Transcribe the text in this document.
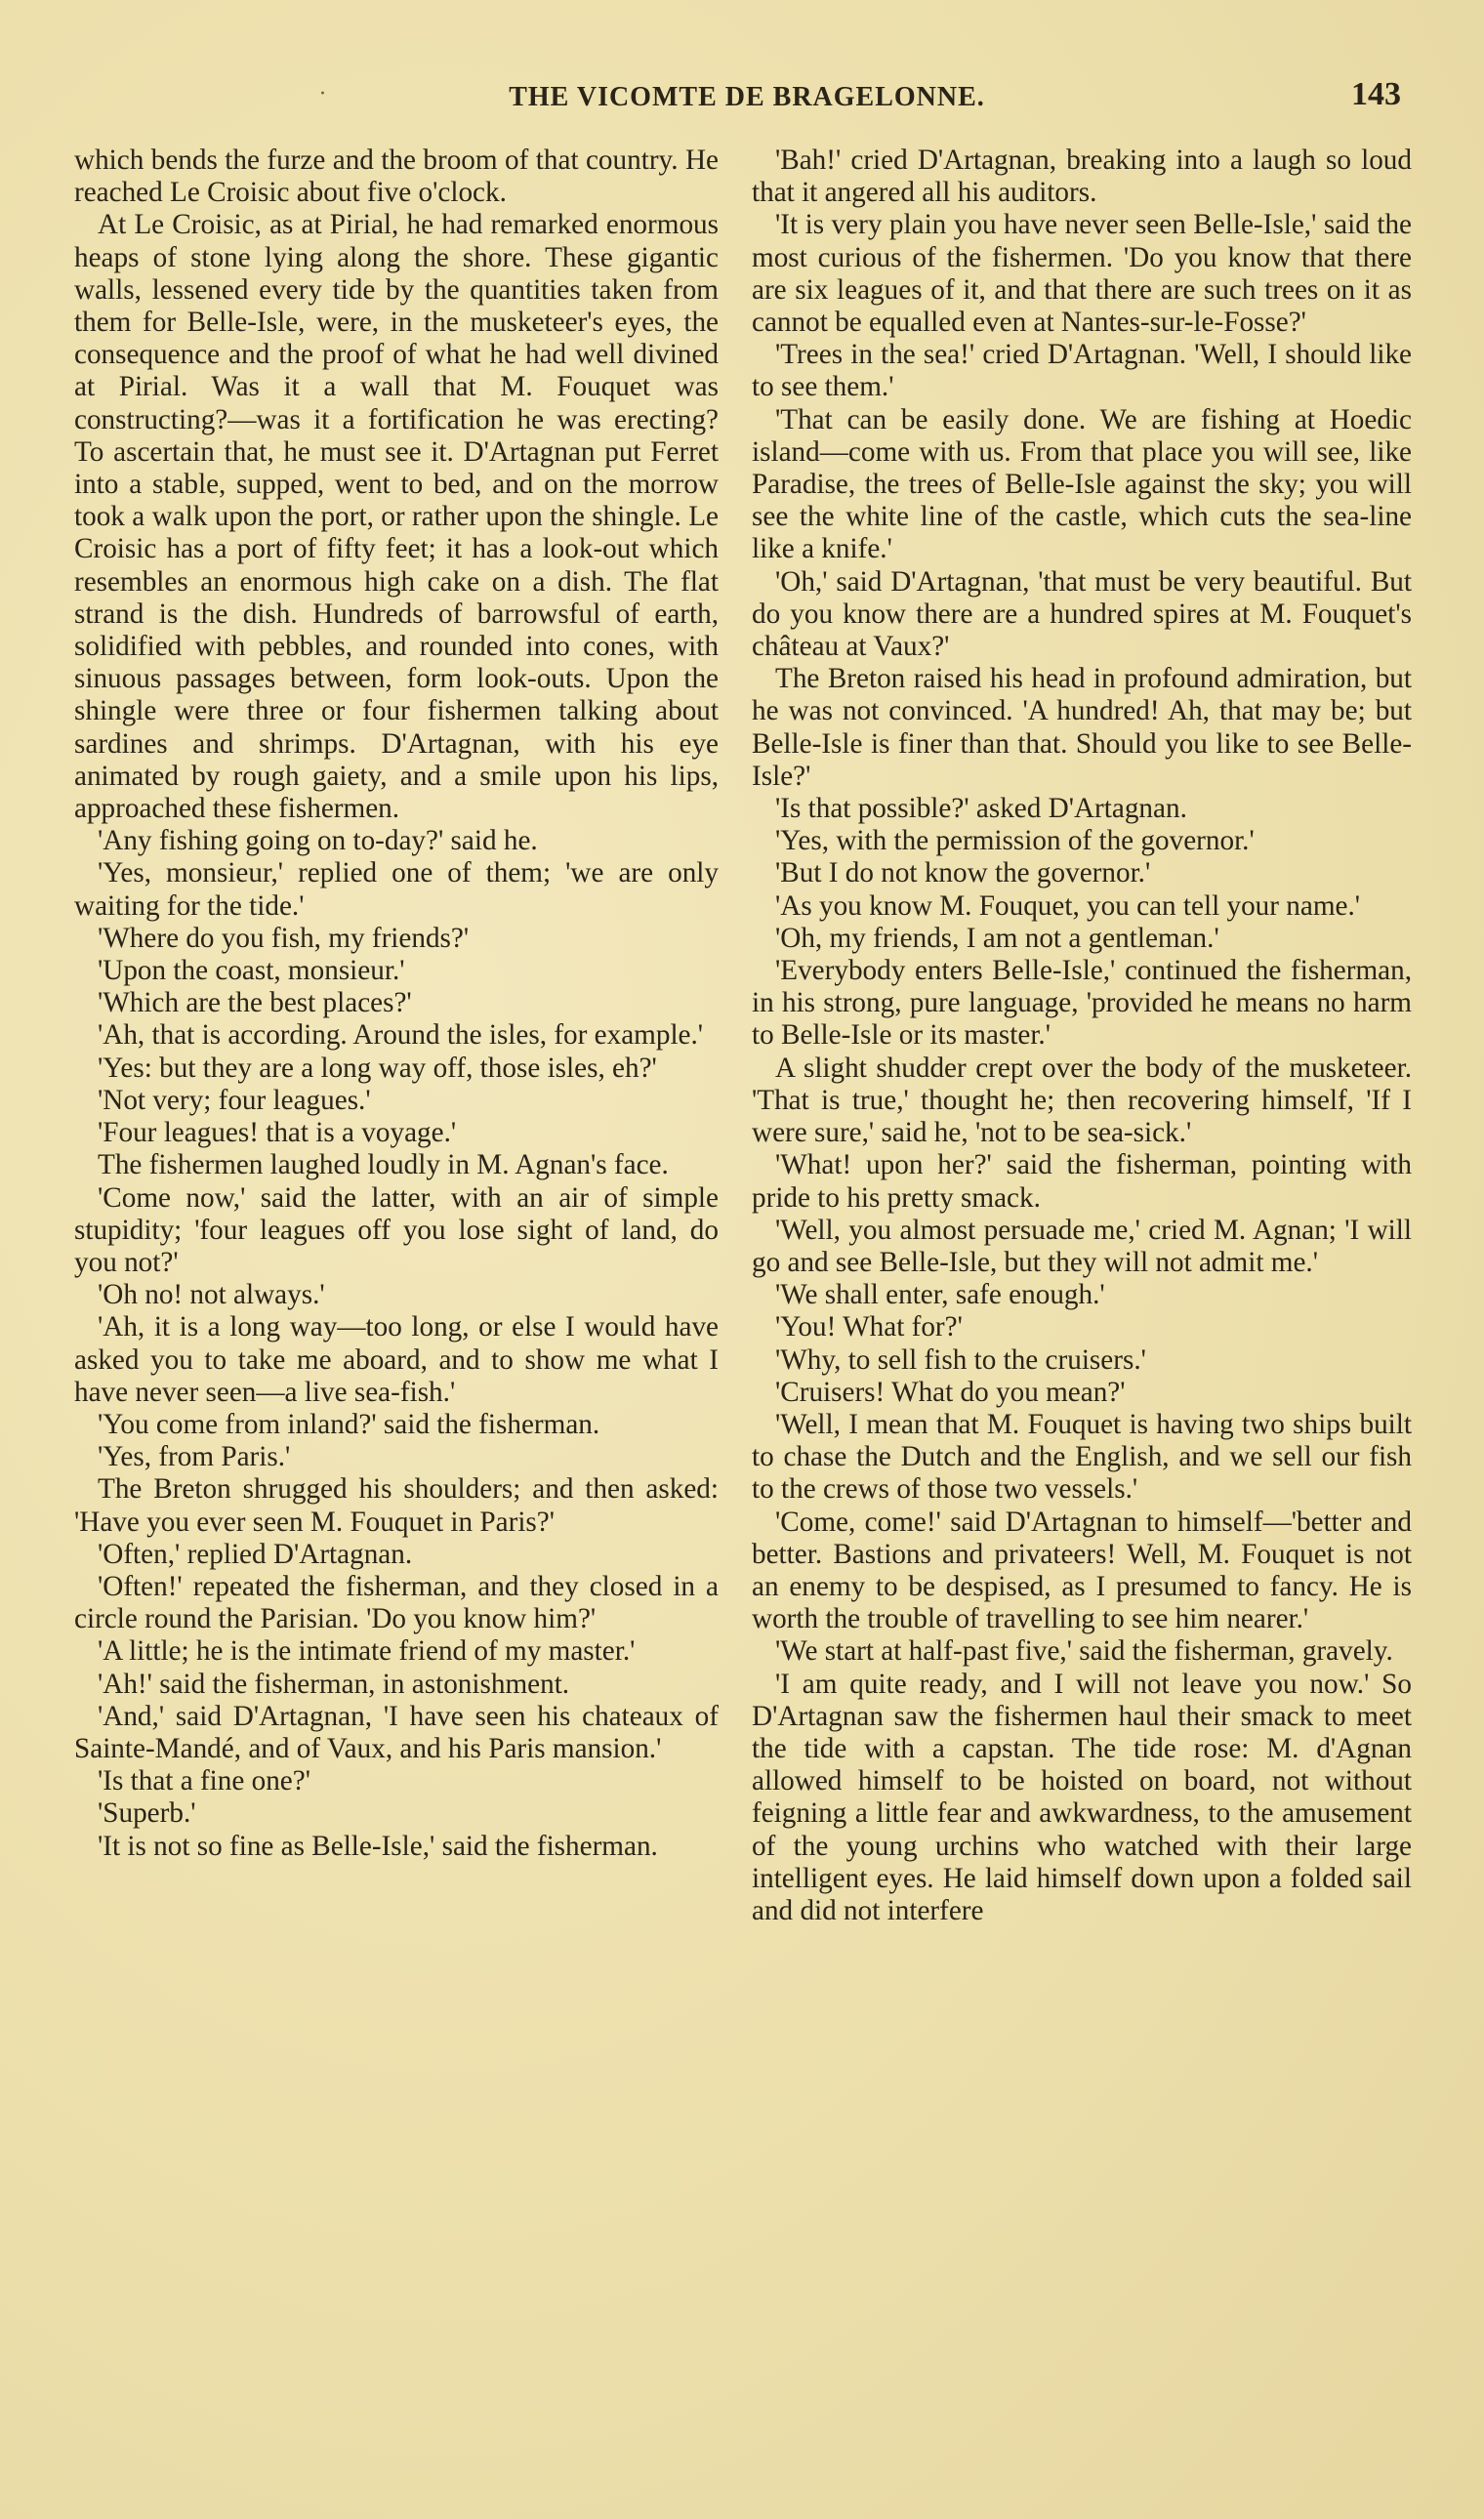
·	THE VICOMTE DE BRAGELONNE.	143

which bends the furze and the broom of that country. He reached Le Croisic about five o'clock.

At Le Croisic, as at Pirial, he had remarked enormous heaps of stone lying along the shore. These gigantic walls, lessened every tide by the quantities taken from them for Belle-Isle, were, in the musketeer's eyes, the consequence and the proof of what he had well divined at Pirial. Was it a wall that M. Fouquet was constructing?—was it a fortification he was erecting? To ascertain that, he must see it. D'Artagnan put Ferret into a stable, supped, went to bed, and on the morrow took a walk upon the port, or rather upon the shingle. Le Croisic has a port of fifty feet; it has a look-out which resembles an enormous high cake on a dish. The flat strand is the dish. Hundreds of barrowsful of earth, solidified with pebbles, and rounded into cones, with sinuous passages between, form look-outs. Upon the shingle were three or four fishermen talking about sardines and shrimps. D'Artagnan, with his eye animated by rough gaiety, and a smile upon his lips, approached these fishermen.

'Any fishing going on to-day?' said he.

'Yes, monsieur,' replied one of them; 'we are only waiting for the tide.'

'Where do you fish, my friends?'

'Upon the coast, monsieur.'

'Which are the best places?'

'Ah, that is according. Around the isles, for example.'

'Yes: but they are a long way off, those isles, eh?'

'Not very; four leagues.'

'Four leagues! that is a voyage.'

The fishermen laughed loudly in M. Agnan's face.

'Come now,' said the latter, with an air of simple stupidity; 'four leagues off you lose sight of land, do you not?'

'Oh no! not always.'

'Ah, it is a long way—too long, or else I would have asked you to take me aboard, and to show me what I have never seen—a live sea-fish.'

'You come from inland?' said the fisherman.

'Yes, from Paris.'

The Breton shrugged his shoulders; and then asked: 'Have you ever seen M. Fouquet in Paris?'

'Often,' replied D'Artagnan.

'Often!' repeated the fisherman, and they closed in a circle round the Parisian. 'Do you know him?'

'A little; he is the intimate friend of my master.'

'Ah!' said the fisherman, in astonishment.

'And,' said D'Artagnan, 'I have seen his chateaux of Sainte-Mandé, and of Vaux, and his Paris mansion.'

'Is that a fine one?'

'Superb.'

'It is not so fine as Belle-Isle,' said the fisherman.

'Bah!' cried D'Artagnan, breaking into a laugh so loud that it angered all his auditors.

'It is very plain you have never seen Belle-Isle,' said the most curious of the fishermen. 'Do you know that there are six leagues of it, and that there are such trees on it as cannot be equalled even at Nantes-sur-le-Fosse?'

'Trees in the sea!' cried D'Artagnan. 'Well, I should like to see them.'

'That can be easily done. We are fishing at Hoedic island—come with us. From that place you will see, like Paradise, the trees of Belle-Isle against the sky; you will see the white line of the castle, which cuts the sea-line like a knife.'

'Oh,' said D'Artagnan, 'that must be very beautiful. But do you know there are a hundred spires at M. Fouquet's château at Vaux?'

The Breton raised his head in profound admiration, but he was not convinced. 'A hundred! Ah, that may be; but Belle-Isle is finer than that. Should you like to see Belle-Isle?'

'Is that possible?' asked D'Artagnan.

'Yes, with the permission of the governor.'

'But I do not know the governor.'

'As you know M. Fouquet, you can tell your name.'

'Oh, my friends, I am not a gentleman.'

'Everybody enters Belle-Isle,' continued the fisherman, in his strong, pure language, 'provided he means no harm to Belle-Isle or its master.'

A slight shudder crept over the body of the musketeer. 'That is true,' thought he; then recovering himself, 'If I were sure,' said he, 'not to be sea-sick.'

'What! upon her?' said the fisherman, pointing with pride to his pretty smack.

'Well, you almost persuade me,' cried M. Agnan; 'I will go and see Belle-Isle, but they will not admit me.'

'We shall enter, safe enough.'

'You! What for?'

'Why, to sell fish to the cruisers.'

'Cruisers! What do you mean?'

'Well, I mean that M. Fouquet is having two ships built to chase the Dutch and the English, and we sell our fish to the crews of those two vessels.'

'Come, come!' said D'Artagnan to himself—'better and better. Bastions and privateers! Well, M. Fouquet is not an enemy to be despised, as I presumed to fancy. He is worth the trouble of travelling to see him nearer.'

'We start at half-past five,' said the fisherman, gravely.

'I am quite ready, and I will not leave you now.' So D'Artagnan saw the fishermen haul their smack to meet the tide with a capstan. The tide rose: M. d'Agnan allowed himself to be hoisted on board, not without feigning a little fear and awkwardness, to the amusement of the young urchins who watched with their large intelligent eyes. He laid himself down upon a folded sail and did not interfere
